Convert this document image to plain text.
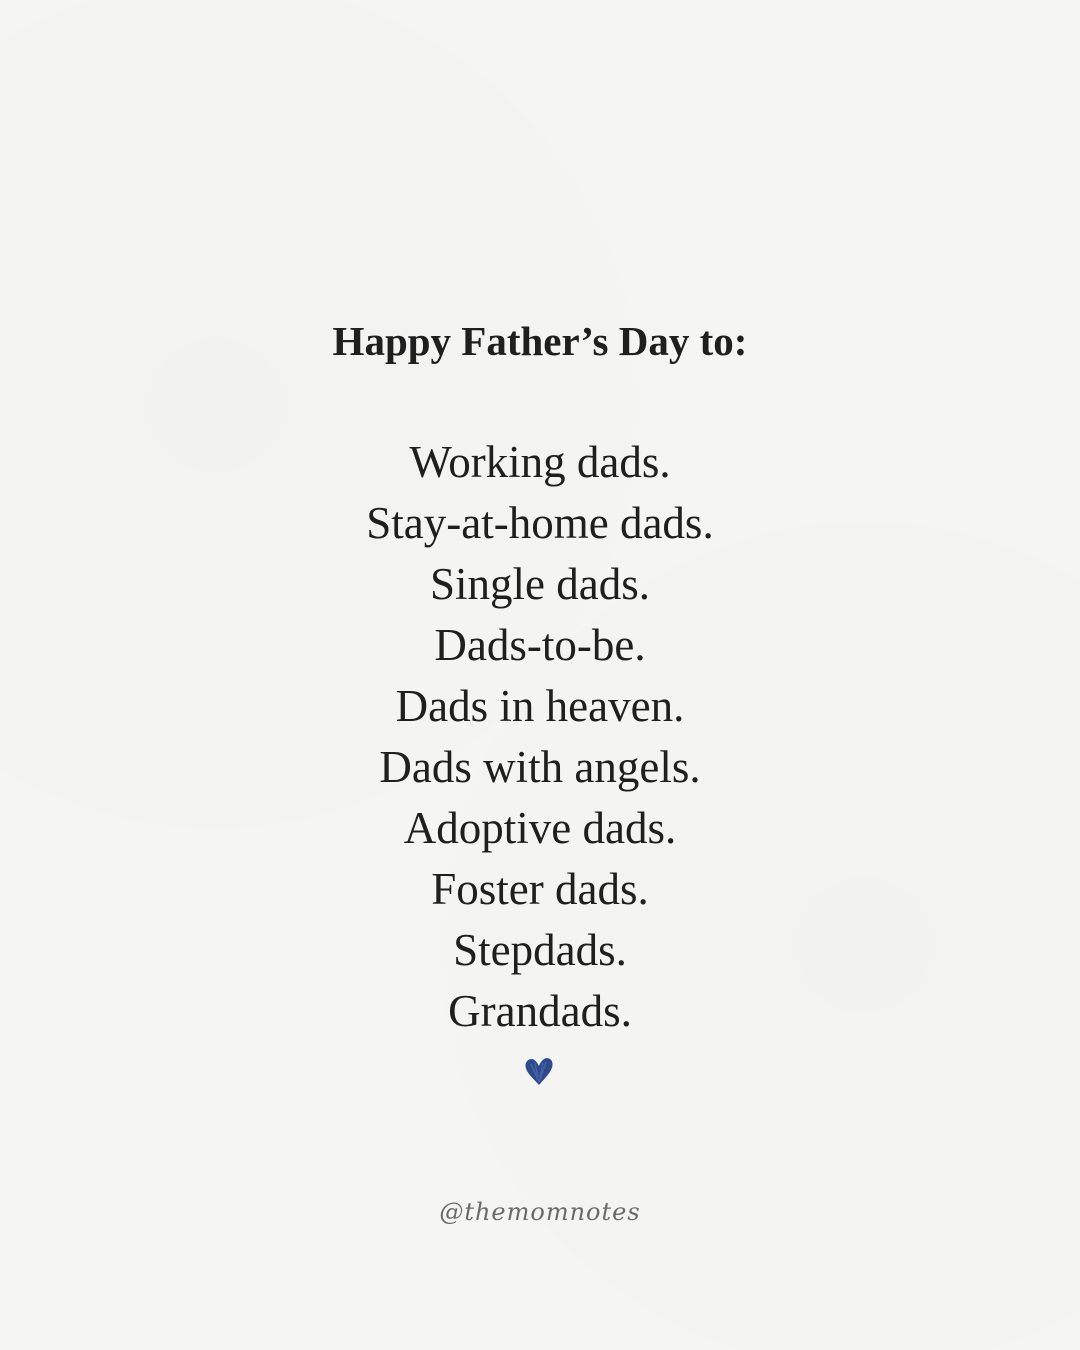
Happy Father’s Day to:
Working dads.
Stay-at-home dads.
Single dads.
Dads-to-be.
Dads in heaven.
Dads with angels.
Adoptive dads.
Foster dads.
Stepdads.
Grandads.
@themomnotes
